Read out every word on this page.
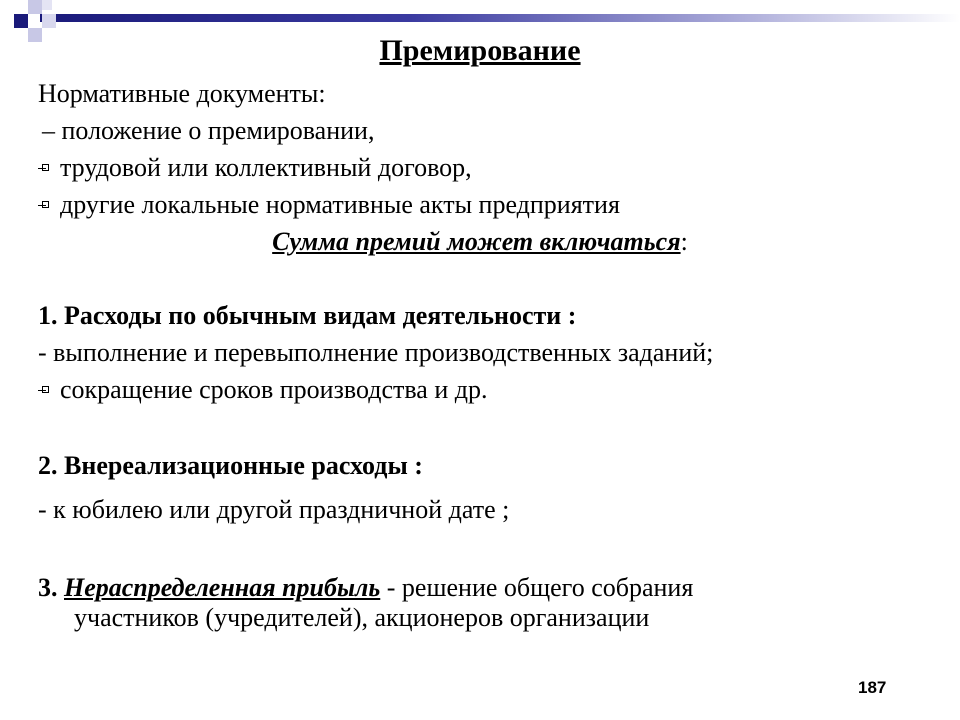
Премирование
Нормативные документы:
– положение о премировании,
трудовой или коллективный договор,
другие локальные нормативные акты предприятия
Сумма премий может включаться:
1. Расходы по обычным видам деятельности :
- выполнение и перевыполнение производственных заданий;
сокращение сроков производства и др.
2. Внереализационные расходы :
- к юбилею или другой праздничной дате ;
3. Нераспределенная прибыль - решение общего собрания
участников (учредителей), акционеров организации
187
